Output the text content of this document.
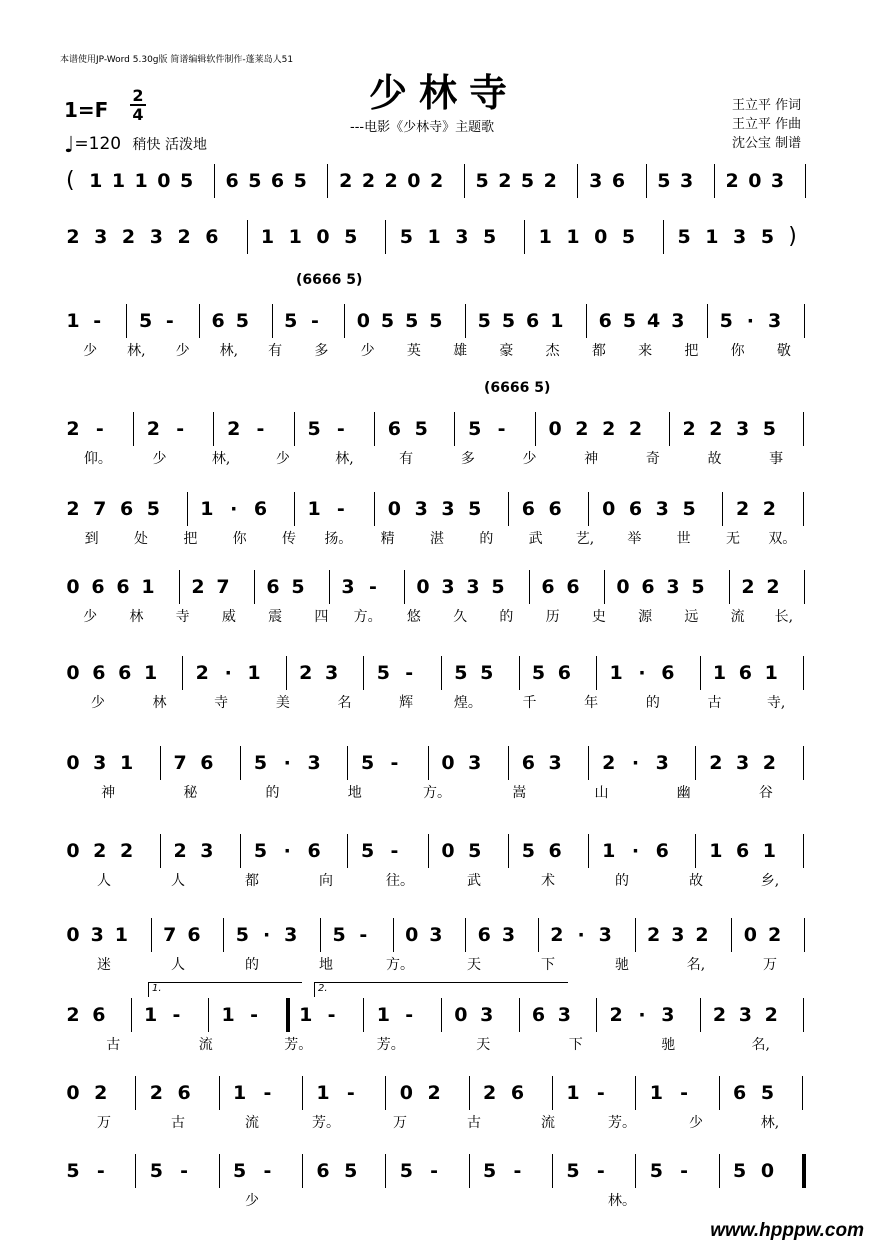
本谱使用JP-Word 5.30g版 简谱编辑软件制作-蓬莱岛人51
少林寺
---电影《少林寺》主题歌
1=F
2
4
♩=120 稍快 活泼地
王立平 作词
王立平 作曲
沈公宝 制谱
( 1 1 1 0 5 6 5 6 5 2 2 2 0 2 5 2 5 2 3 6 5 3 2 0 3
2 3 2 3 2 6 1 1 0 5 5 1 3 5 1 1 0 5 5 1 3 5 )
1 - 5 - 6 5 5 - 0 5 5 5 5 5 6 1 6 5 4 3 5 · 3
(6666 5)
少	林,	少	林,	有	多	少	英	雄	豪	杰	都	来	把	你	敬
2 - 2 - 2 - 5 - 6 5 5 - 0 2 2 2 2 2 3 5
(6666 5)
仰。	少	林,	少	林,	有	多	少	神	奇	故	事
2 7 6 5 1 · 6 1 - 0 3 3 5 6 6 0 6 3 5 2 2
到	处	把	你	传	扬。	精	湛	的	武	艺,	举	世	无	双。
0 6 6 1 2 7 6 5 3 - 0 3 3 5 6 6 0 6 3 5 2 2
少	林	寺	威	震	四	方。	悠	久	的	历	史	源	远	流	长,
0 6 6 1 2 · 1 2 3 5 - 5 5 5 6 1 · 6 1 6 1
少	林	寺	美	名	辉	煌。	千	年	的	古	寺,
0 3 1 7 6 5 · 3 5 - 0 3 6 3 2 · 3 2 3 2
神	秘	的	地	方。	嵩	山	幽	谷
0 2 2 2 3 5 · 6 5 - 0 5 5 6 1 · 6 1 6 1
人	人	都	向	往。	武	术	的	故	乡,
0 3 1 7 6 5 · 3 5 - 0 3 6 3 2 · 3 2 3 2 0 2
迷	人	的	地	方。	天	下	驰	名,	万
2 6 1 - 1 - 1 - 1 - 0 3 6 3 2 · 3 2 3 2
1.	2.
古	流	芳。	芳。	天	下	驰	名,
0 2 2 6 1 - 1 - 0 2 2 6 1 - 1 - 6 5
万	古	流	芳。	万	古	流	芳。	少	林,
5 - 5 - 5 - 6 5 5 - 5 - 5 - 5 - 5 0
少	林。
www.hpppw.com
